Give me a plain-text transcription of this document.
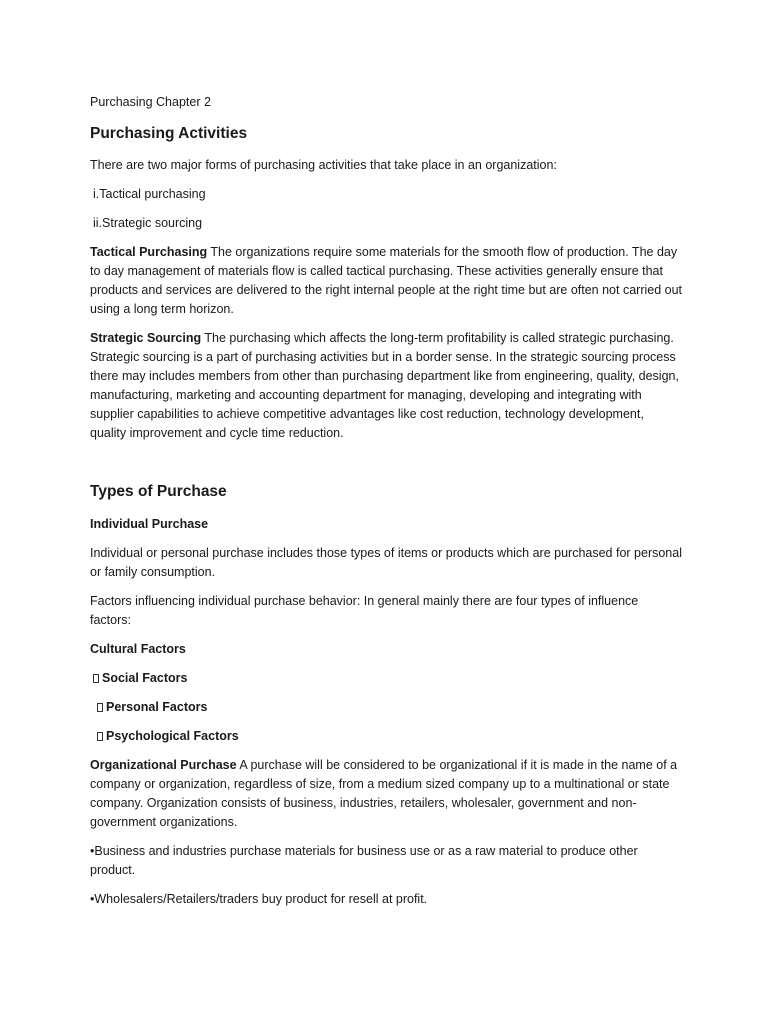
Purchasing Chapter 2
Purchasing Activities
There are two major forms of purchasing activities that take place in an organization:
i.Tactical purchasing
ii.Strategic sourcing
Tactical Purchasing The organizations require some materials for the smooth flow of production. The day to day management of materials flow is called tactical purchasing. These activities generally ensure that products and services are delivered to the right internal people at the right time but are often not carried out using a long term horizon.
Strategic Sourcing The purchasing which affects the long-term profitability is called strategic purchasing. Strategic sourcing is a part of purchasing activities but in a border sense. In the strategic sourcing process there may includes members from other than purchasing department like from engineering, quality, design, manufacturing, marketing and accounting department for managing, developing and integrating with supplier capabilities to achieve competitive advantages like cost reduction, technology development, quality improvement and cycle time reduction.
Types of Purchase
Individual Purchase
Individual or personal purchase includes those types of items or products which are purchased for personal or family consumption.
Factors influencing individual purchase behavior: In general mainly there are four types of influence factors:
Cultural Factors
Social Factors
Personal Factors
Psychological Factors
Organizational Purchase A purchase will be considered to be organizational if it is made in the name of a company or organization, regardless of size, from a medium sized company up to a multinational or state company. Organization consists of business, industries, retailers, wholesaler, government and non-government organizations.
•Business and industries purchase materials for business use or as a raw material to produce other product.
•Wholesalers/Retailers/traders buy product for resell at profit.
